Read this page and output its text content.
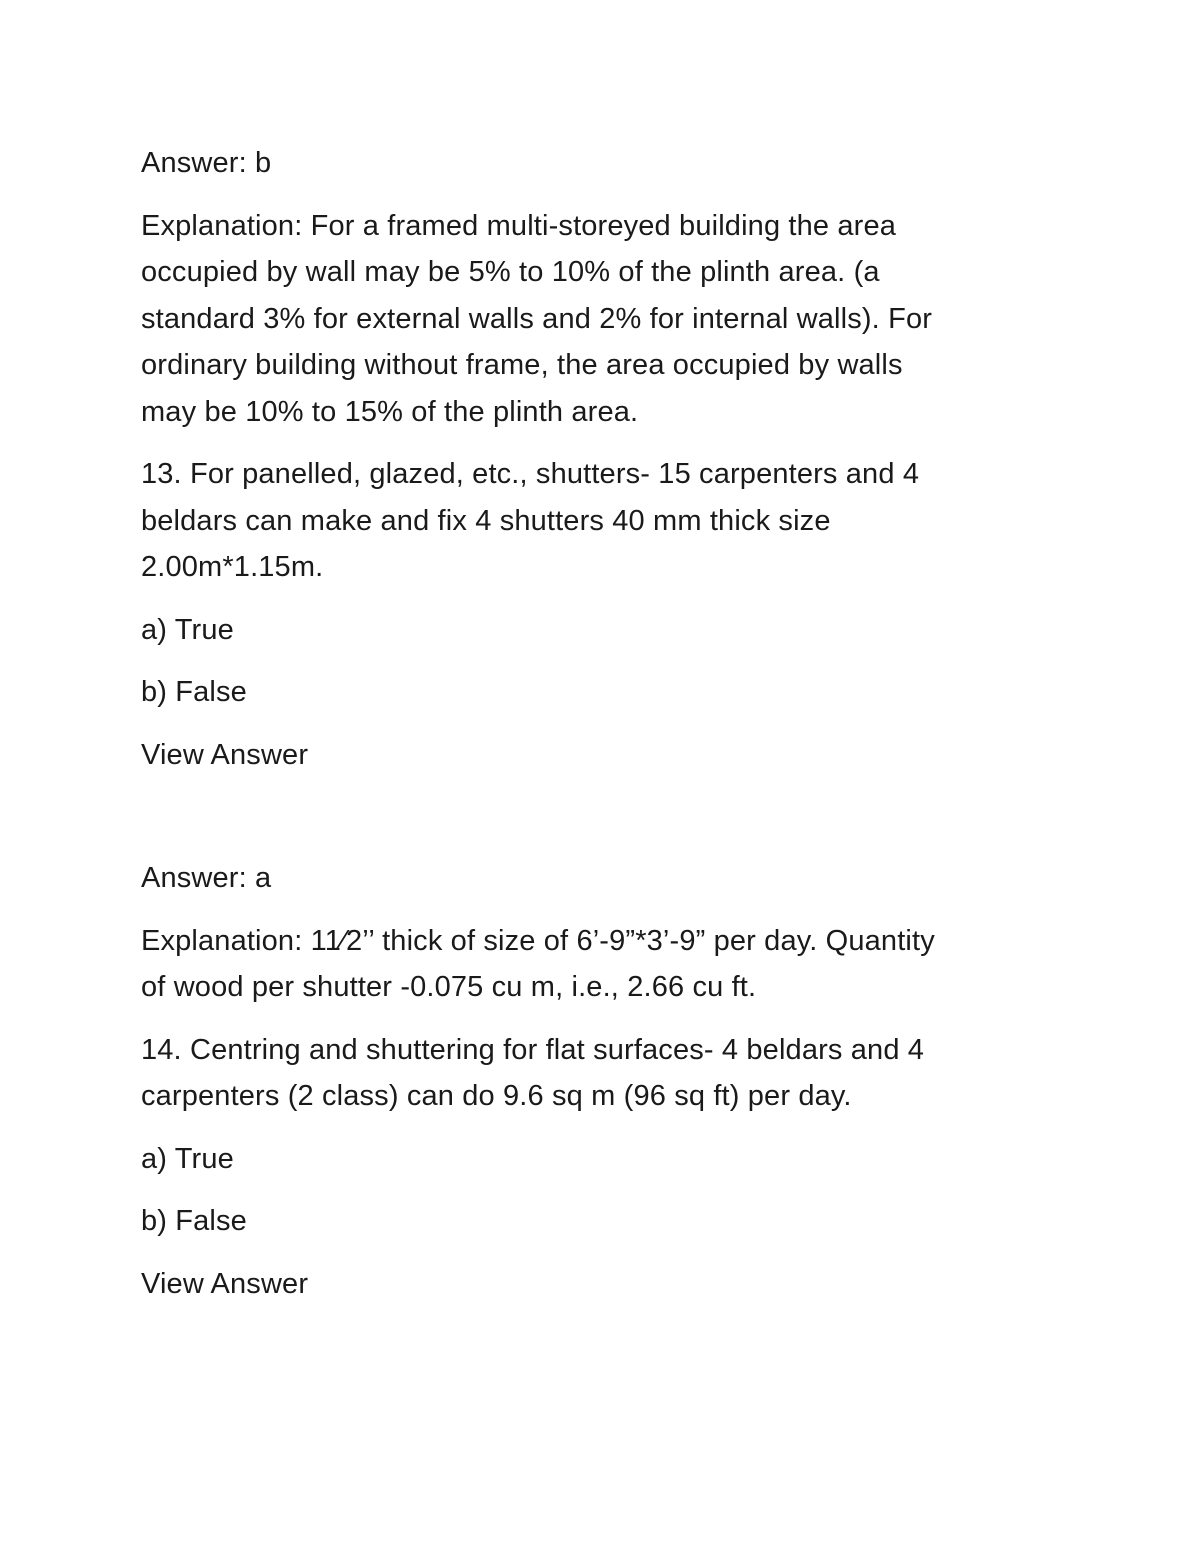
Answer: b
Explanation: For a framed multi-storeyed building the area
occupied by wall may be 5% to 10% of the plinth area. (a
standard 3% for external walls and 2% for internal walls). For
ordinary building without frame, the area occupied by walls
may be 10% to 15% of the plinth area.
13. For panelled, glazed, etc., shutters- 15 carpenters and 4
beldars can make and fix 4 shutters 40 mm thick size
2.00m*1.15m.
a) True
b) False
View Answer
Answer: a
Explanation: 11⁄2’’ thick of size of 6’-9”*3’-9” per day. Quantity
of wood per shutter -0.075 cu m, i.e., 2.66 cu ft.
14. Centring and shuttering for flat surfaces- 4 beldars and 4
carpenters (2 class) can do 9.6 sq m (96 sq ft) per day.
a) True
b) False
View Answer
